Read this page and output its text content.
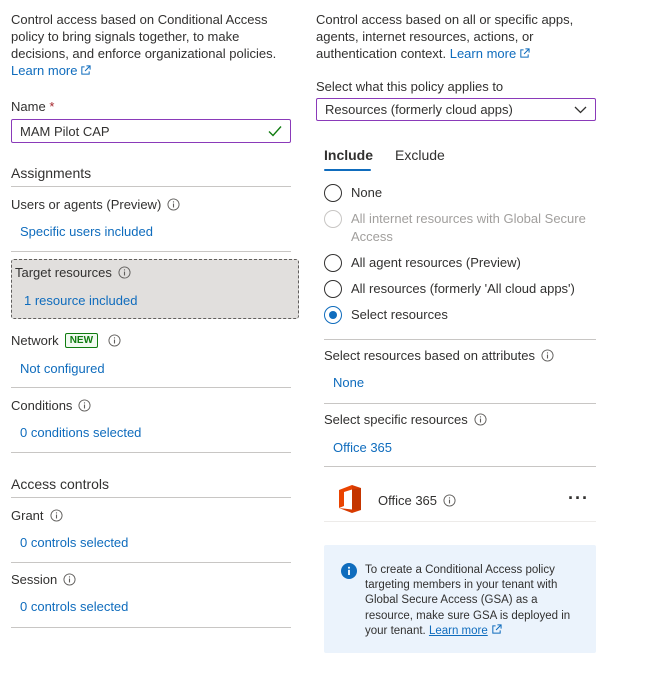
Control access based on Conditional Access policy to bring signals together, to make decisions, and enforce organizational policies. Learn more
Name *
MAM Pilot CAP
Assignments
Users or agents (Preview)
Specific users included
Target resources
1 resource included
Network	NEW
Not configured
Conditions
0 conditions selected
Access controls
Grant
0 controls selected
Session
0 controls selected
Control access based on all or specific apps, agents, internet resources, actions, or authentication context. Learn more
Select what this policy applies to
Resources (formerly cloud apps)
Include Exclude
None
All internet resources with Global Secure Access
All agent resources (Preview)
All resources (formerly 'All cloud apps')
Select resources
Select resources based on attributes
None
Select specific resources
Office 365
Office 365	···
To create a Conditional Access policy targeting members in your tenant with Global Secure Access (GSA) as a resource, make sure GSA is deployed in your tenant. Learn more
